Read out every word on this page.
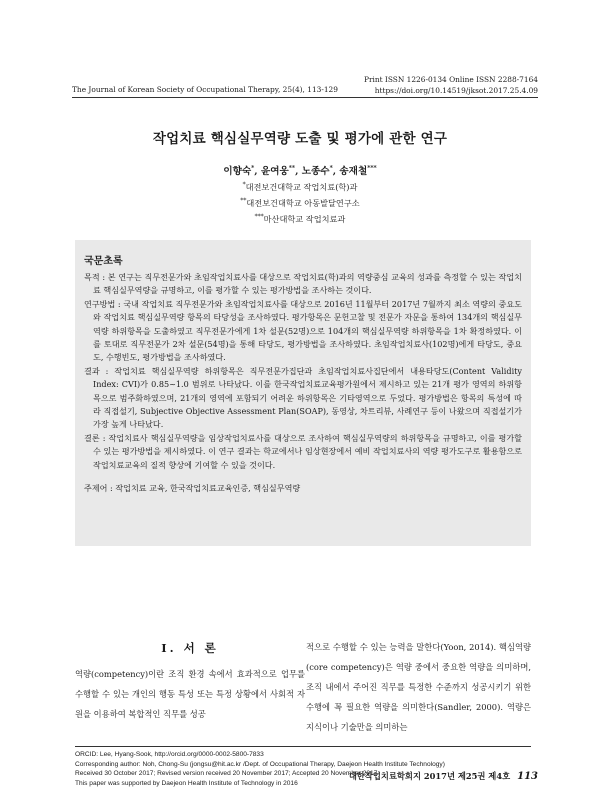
Print ISSN 1226-0134 Online ISSN 2288-7164
https://doi.org/10.14519/jksot.2017.25.4.09
The Journal of Korean Society of Occupational Therapy, 25(4), 113-129
작업치료 핵심실무역량 도출 및 평가에 관한 연구
이향숙*, 윤여웅**, 노종수*, 송재철***
*대전보건대학교 작업치료(학)과
**대전보건대학교 아동발달연구소
***마산대학교 작업치료과
국문초록

목적 : 본 연구는 직무전문가와 초임작업치료사를 대상으로 작업치료(학)과의 역량중심 교육의 성과를 측정할 수 있는 작업치료 핵심실무역량을 규명하고, 이를 평가할 수 있는 평가방법을 조사하는 것이다.

연구방법 : 국내 작업치료 직무전문가와 초임작업치료사를 대상으로 2016년 11월부터 2017년 7월까지 최소 역량의 중요도와 작업치료 핵심실무역량 항목의 타당성을 조사하였다. 평가항목은 문헌고찰 및 전문가 자문을 통하여 134개의 핵심실무역량 하위항목을 도출하였고 직무전문가에게 1차 설문(52명)으로 104개의 핵심실무역량 하위항목을 1차 확정하였다. 이를 토대로 직무전문가 2차 설문(54명)을 통해 타당도, 평가방법을 조사하였다. 초임작업치료사(102명)에게 타당도, 중요도, 수행빈도, 평가방법을 조사하였다.

결과 : 작업치료 핵심실무역량 하위항목은 직무전문가집단과 초임작업치료사집단에서 내용타당도(Content Validity Index: CVI)가 0.85~1.0 범위로 나타났다. 이를 한국작업치료교육평가원에서 제시하고 있는 21개 평가 영역의 하위항목으로 범주화하였으며, 21개의 영역에 포함되기 어려운 하위항목은 기타영역으로 두었다. 평가방법은 항목의 특성에 따라 직접설기, Subjective Objective Assessment Plan(SOAP), 동영상, 차트리뷰, 사례연구 등이 나왔으며 직접설기가 가장 높게 나타났다.

결론 : 작업치료사 핵심실무역량을 임상작업치료사를 대상으로 조사하여 핵심실무역량의 하위항목을 규명하고, 이를 평가할 수 있는 평가방법을 제시하였다. 이 연구 결과는 학교에서나 임상현장에서 예비 작업치료사의 역량 평가도구로 활용함으로 작업치료교육의 질적 향상에 기여할 수 있을 것이다.

주제어 : 작업치료 교육, 한국작업치료교육인증, 핵심실무역량
Ⅰ. 서 론
역량(competency)이란 조직 환경 속에서 효과적으로 업무를 수행할 수 있는 개인의 행동 특성 또는 특정 상황에서 사회적 자원을 이용하여 복합적인 직무를 성공
적으로 수행할 수 있는 능력을 말한다(Yoon, 2014). 핵심역량(core competency)은 역량 중에서 중요한 역량을 의미하며, 조직 내에서 주어진 직무를 특정한 수준까지 성공시키기 위한 수행에 꼭 필요한 역량을 의미한다(Sandler, 2000). 역량은 지식이나 기술만을 의미하는
ORCID: Lee, Hyang-Sook, http://orcid.org/0000-0002-5800-7833
Corresponding author: Noh, Chong-Su (jongsu@hit.ac.kr /Dept. of Occupational Therapy, Daejeon Health Institute Technology)
Received 30 October 2017; Revised version received 20 November 2017; Accepted 20 November 2017
This paper was supported by Daejeon Health Institute of Technology in 2016
대한작업치료학회지 2017년 제25권 제4호 113
